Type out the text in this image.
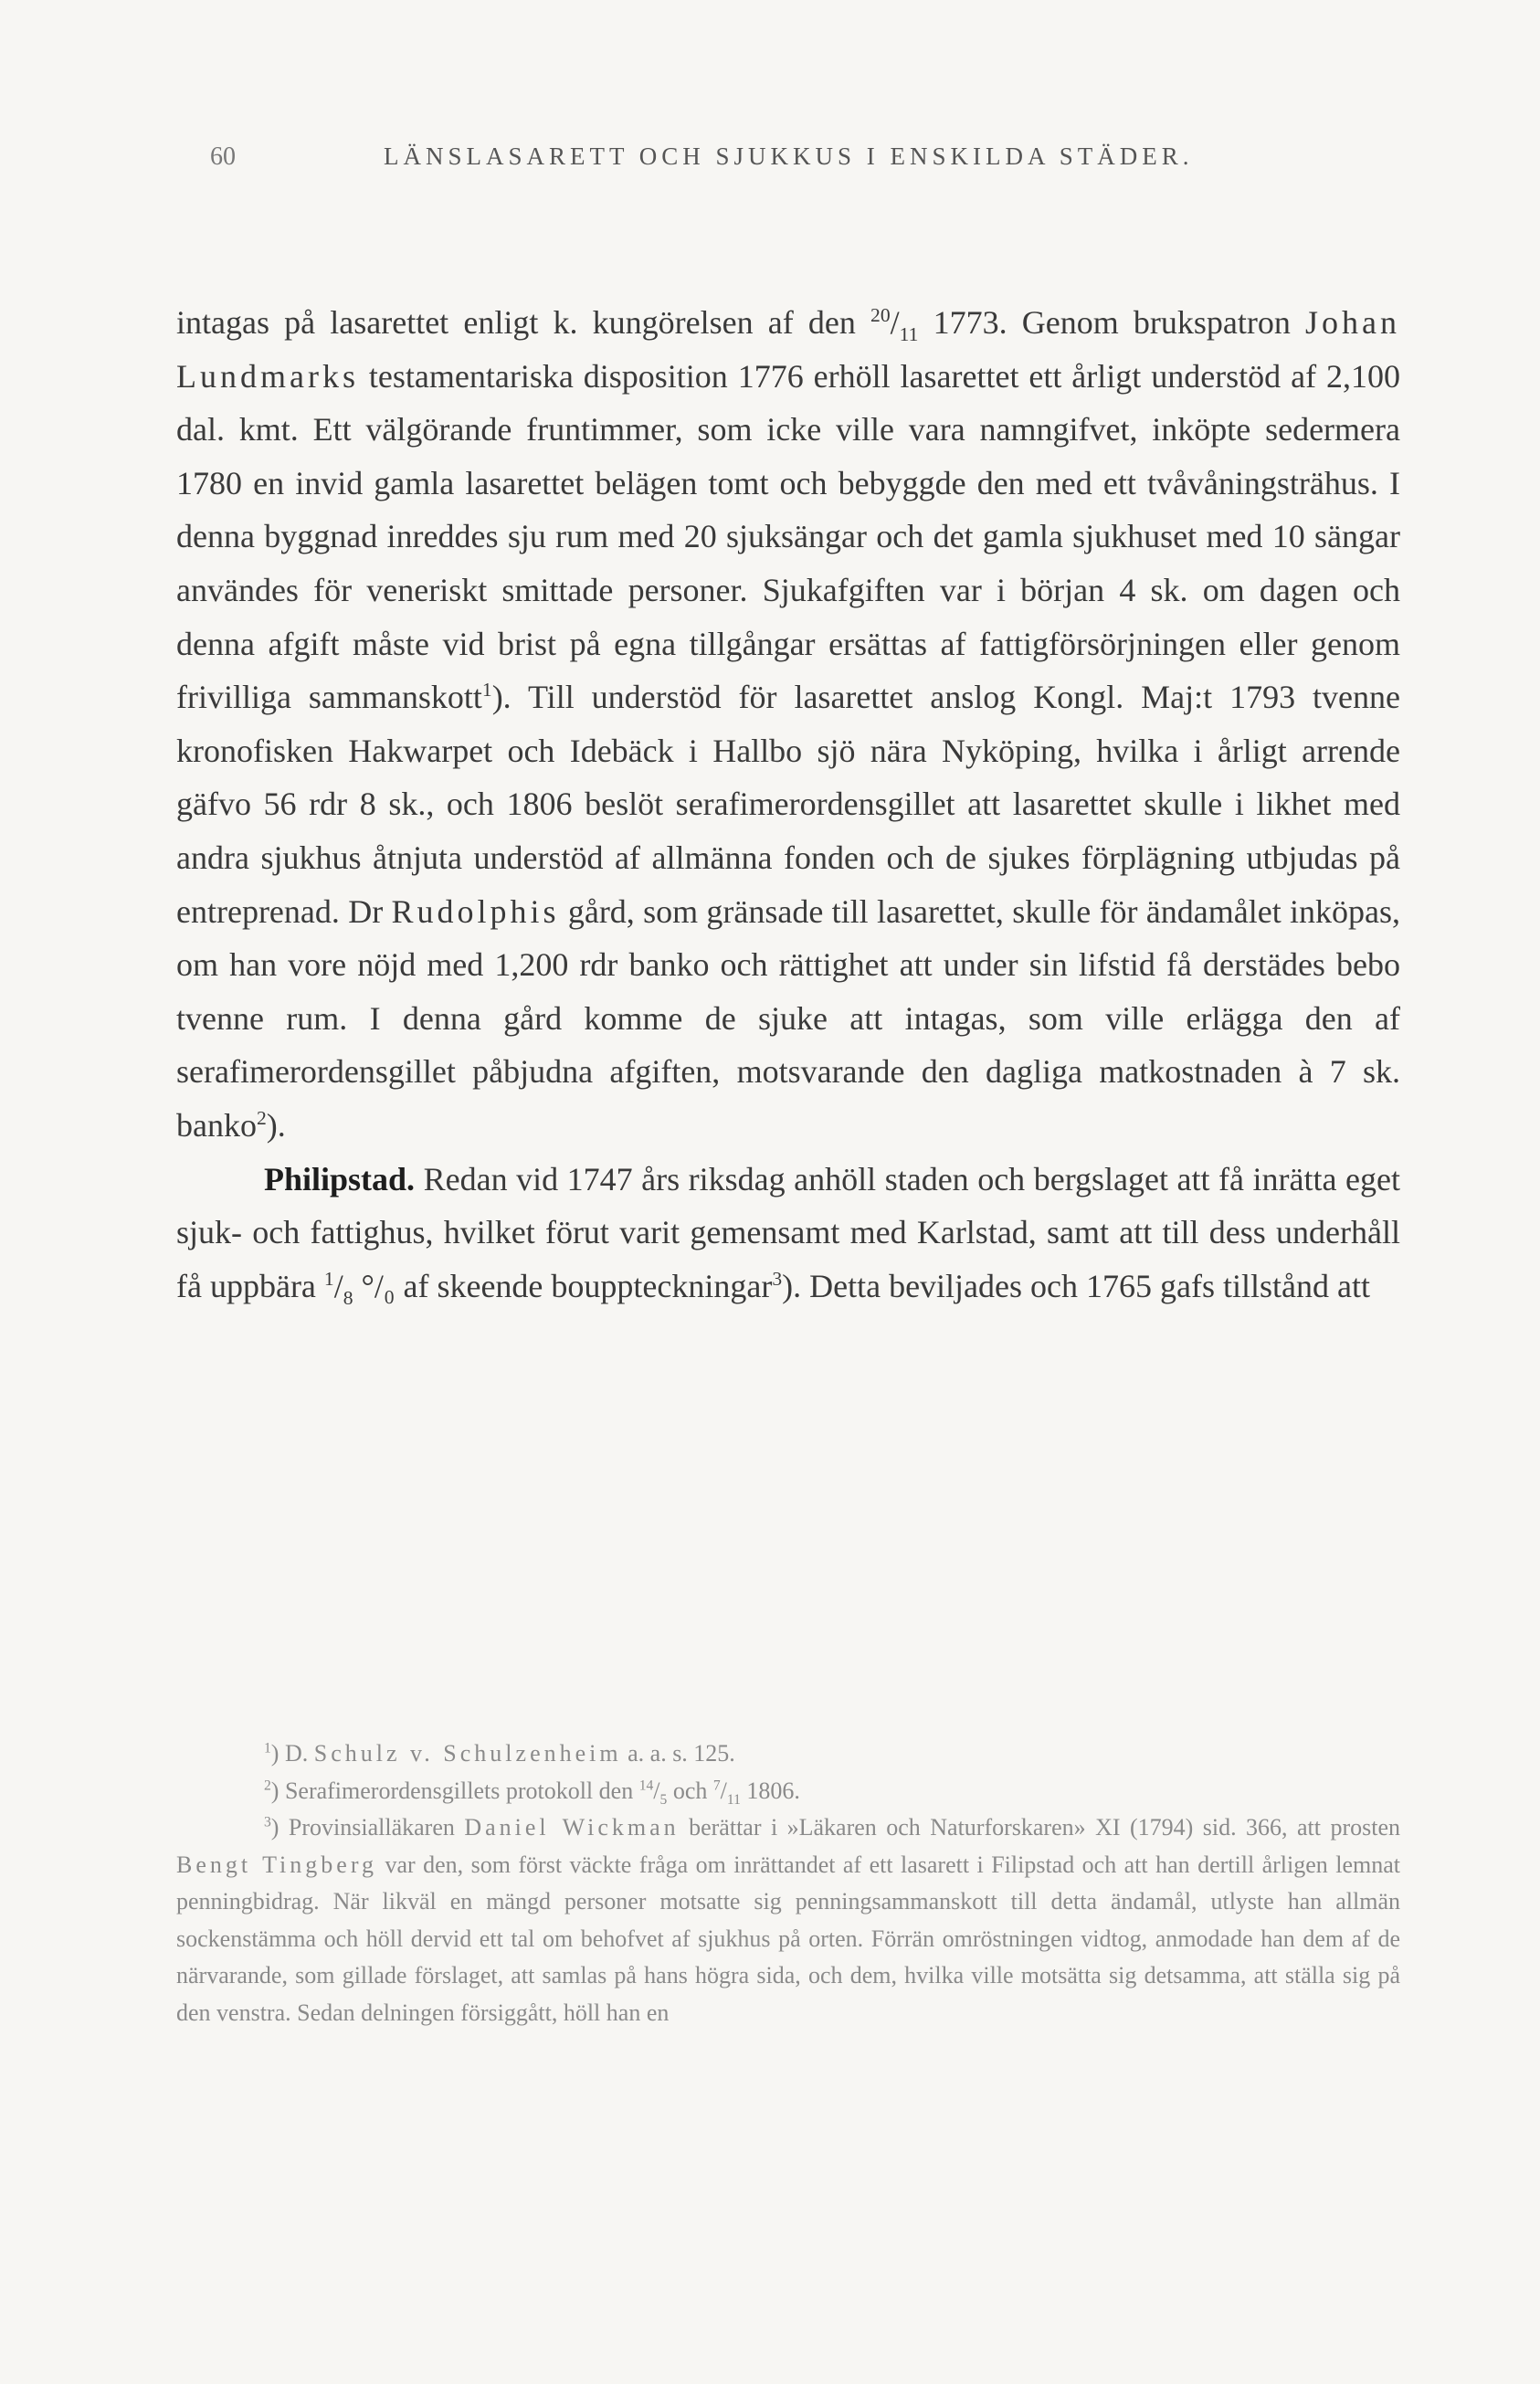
60	LÄNSLASARETT OCH SJUKKUS I ENSKILDA STÄDER.

intagas på lasarettet enligt k. kungörelsen af den $^{20}/_{11}$ 1773. Genom brukspatron Johan Lundmarks testamentariska disposition 1776 erhöll lasarettet ett årligt understöd af 2,100 dal. kmt. Ett välgörande fruntimmer, som icke ville vara namngifvet, inköpte sedermera 1780 en invid gamla lasarettet belägen tomt och bebyggde den med ett tvåvåningsträhus. I denna byggnad inreddes sju rum med 20 sjuksängar och det gamla sjukhuset med 10 sängar användes för veneriskt smittade personer. Sjukafgiften var i början 4 sk. om dagen och denna afgift måste vid brist på egna tillgångar ersättas af fattigförsörjningen eller genom frivilliga sammanskott$^1$). Till understöd för lasarettet anslog Kongl. Maj:t 1793 tvenne kronofisken Hakwarpet och Idebäck i Hallbo sjö nära Nyköping, hvilka i årligt arrende gäfvo 56 rdr 8 sk., och 1806 beslöt serafimerordensgillet att lasarettet skulle i likhet med andra sjukhus åtnjuta understöd af allmänna fonden och de sjukes förplägning utbjudas på entreprenad. Dr Rudolphis gård, som gränsade till lasarettet, skulle för ändamålet inköpas, om han vore nöjd med 1,200 rdr banko och rättighet att under sin lifstid få derstädes bebo tvenne rum. I denna gård komme de sjuke att intagas, som ville erlägga den af serafimerordensgillet påbjudna afgiften, motsvarande den dagliga matkostnaden à 7 sk. banko$^2$).

Philipstad. Redan vid 1747 års riksdag anhöll staden och bergslaget att få inrätta eget sjuk- och fattighus, hvilket förut varit gemensamt med Karlstad, samt att till dess underhåll få uppbära $^1/_8$ °/₀ af skeende bouppteckningar$^3$). Detta beviljades och 1765 gafs tillstånd att

$^1$) D. Schulz v. Schulzenheim a. a. s. 125.

$^2$) Serafimerordensgillets protokoll den $^{14}/_5$ och $^7/_{11}$ 1806.

$^3$) Provinsialläkaren Daniel Wickman berättar i »Läkaren och Naturforskaren» XI (1794) sid. 366, att prosten Bengt Tingberg var den, som först väckte fråga om inrättandet af ett lasarett i Filipstad och att han dertill årligen lemnat penningbidrag. När likväl en mängd personer motsatte sig penningsammanskott till detta ändamål, utlyste han allmän sockenstämma och höll dervid ett tal om behofvet af sjukhus på orten. Förrän omröstningen vidtog, anmodade han dem af de närvarande, som gillade förslaget, att samlas på hans högra sida, och dem, hvilka ville motsätta sig detsamma, att ställa sig på den venstra. Sedan delningen försiggått, höll han en
